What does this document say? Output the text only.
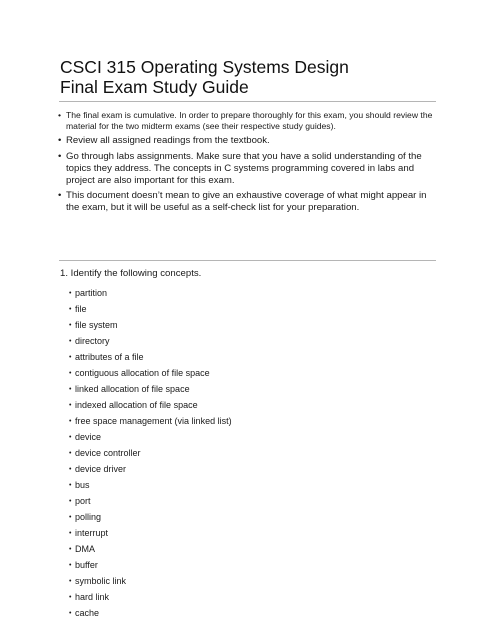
CSCI 315 Operating Systems Design
Final Exam Study Guide
• The final exam is cumulative. In order to prepare thoroughly for this exam, you should review the material for the two midterm exams (see their respective study guides).
• Review all assigned readings from the textbook.
• Go through labs assignments. Make sure that you have a solid understanding of the topics they address. The concepts in C systems programming covered in labs and project are also important for this exam.
• This document doesn’t mean to give an exhaustive coverage of what might appear in the exam, but it will be useful as a self-check list for your preparation.
1. Identify the following concepts.
• partition
• file
• file system
• directory
• attributes of a file
• contiguous allocation of file space
• linked allocation of file space
• indexed allocation of file space
• free space management (via linked list)
• device
• device controller
• device driver
• bus
• port
• polling
• interrupt
• DMA
• buffer
• symbolic link
• hard link
• cache
